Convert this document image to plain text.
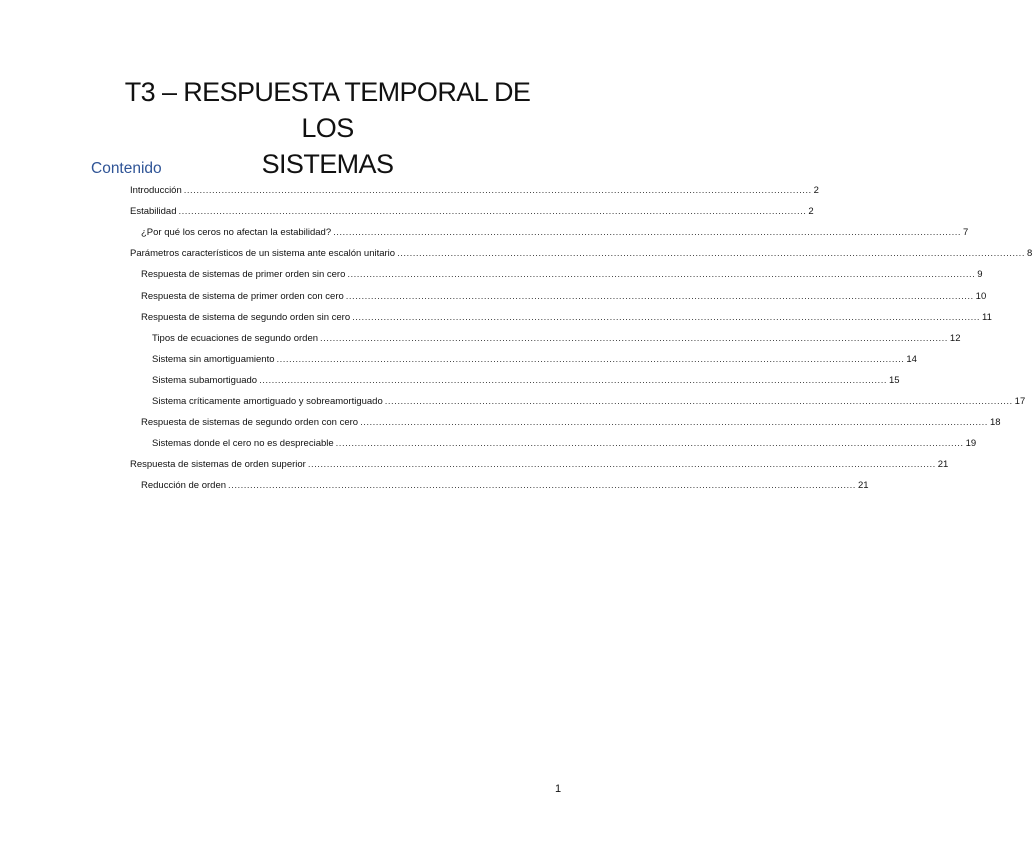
T3 – RESPUESTA TEMPORAL DE LOS
SISTEMAS
Contenido
Introducción ........................................................................................................................................................................................................ 2
Estabilidad ........................................................................................................................................................................................................ 2
¿Por qué los ceros no afectan la estabilidad? ........................................................................................................................................................................................................ 7
Parámetros característicos de un sistema ante escalón unitario ........................................................................................................................................................................................................ 8
Respuesta de sistemas de primer orden sin cero ........................................................................................................................................................................................................ 9
Respuesta de sistema de primer orden con cero ........................................................................................................................................................................................................ 10
Respuesta de sistema de segundo orden sin cero ........................................................................................................................................................................................................ 11
Tipos de ecuaciones de segundo orden ........................................................................................................................................................................................................ 12
Sistema sin amortiguamiento ........................................................................................................................................................................................................ 14
Sistema subamortiguado ........................................................................................................................................................................................................ 15
Sistema críticamente amortiguado y sobreamortiguado ........................................................................................................................................................................................................ 17
Respuesta de sistemas de segundo orden con cero ........................................................................................................................................................................................................ 18
Sistemas donde el cero no es despreciable ........................................................................................................................................................................................................ 19
Respuesta de sistemas de orden superior ........................................................................................................................................................................................................ 21
Reducción de orden ........................................................................................................................................................................................................ 21
1
